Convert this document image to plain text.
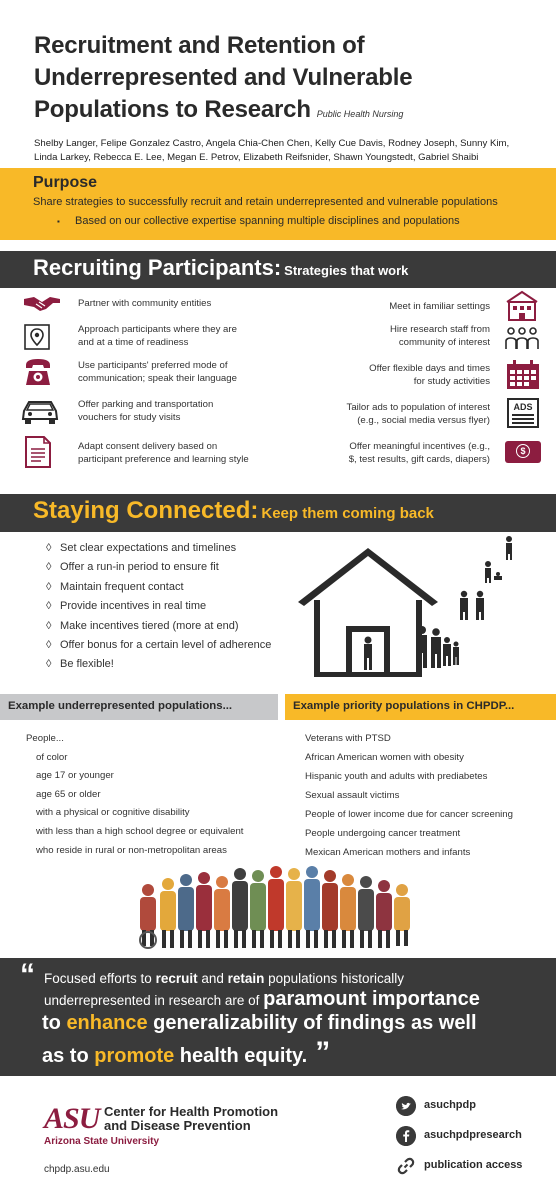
Recruitment and Retention of
Underrepresented and Vulnerable
Populations to Research Public Health Nursing
Shelby Langer, Felipe Gonzalez Castro, Angela Chia-Chen Chen, Kelly Cue Davis, Rodney Joseph, Sunny Kim,
Linda Larkey, Rebecca E. Lee, Megan E. Petrov, Elizabeth Reifsnider, Shawn Youngstedt, Gabriel Shaibi
Purpose

Share strategies to successfully recruit and retain underrepresented and vulnerable populations

▪ Based on our collective expertise spanning multiple disciplines and populations

Recruiting Participants: Strategies that work
Partner with community entities
Approach participants where they are
and at a time of readiness
Use participants' preferred mode of
communication; speak their language
Offer parking and transportation
vouchers for study visits
Adapt consent delivery based on
participant preference and learning style
Meet in familiar settings
Hire research staff from
community of interest
Offer flexible days and times
for study activities
Tailor ads to population of interest
(e.g., social media versus flyer)
Offer meaningful incentives (e.g.,
$, test results, gift cards, diapers)
ADS
$
Staying Connected: Keep them coming back
◊ Set clear expectations and timelines
◊ Offer a run-in period to ensure fit
◊ Maintain frequent contact
◊ Provide incentives in real time
◊ Make incentives tiered (more at end)
◊ Offer bonus for a certain level of adherence
◊ Be flexible!
Example underrepresented populations...	Example priority populations in CHPDP...
People...
of color
age 17 or younger
age 65 or older
with a physical or cognitive disability
with less than a high school degree or equivalent
who reside in rural or non-metropolitan areas
Veterans with PTSD
African American women with obesity
Hispanic youth and adults with prediabetes
Sexual assault victims
People of lower income due for cancer screening
People undergoing cancer treatment
Mexican American mothers and infants
“ Focused efforts to recruit and retain populations historically
underrepresented in research are of paramount importance
to enhance generalizability of findings as well
as to promote health equity. ”
ASU Center for Health Promotion
and Disease Prevention
Arizona State University
chpdp.asu.edu
asuchpdp
asuchpdpresearch
publication access
